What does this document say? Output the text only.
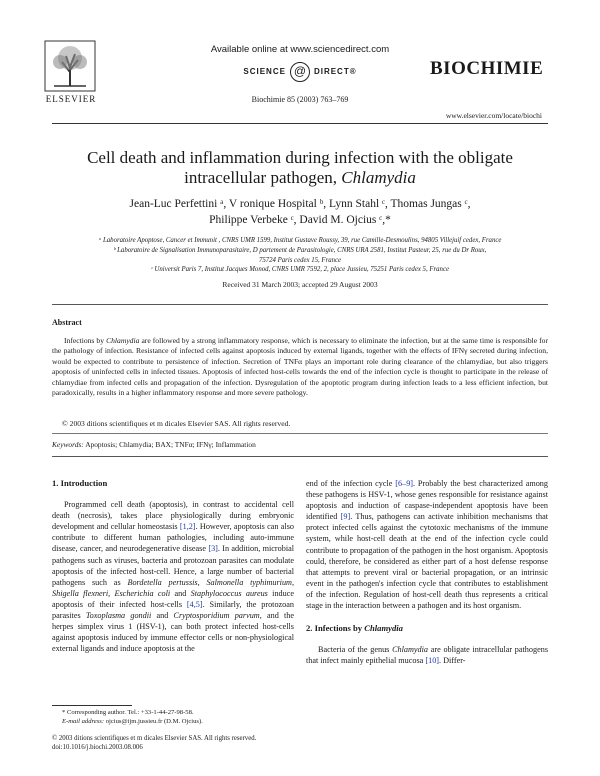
ELSEVIER
Available online at www.sciencedirect.com
SCIENCE @ DIRECT®	BIOCHIMIE
Biochimie 85 (2003) 763–769
www.elsevier.com/locate/biochi
Cell death and inflammation during infection with the obligate
intracellular pathogen, Chlamydia
Jean-Luc Perfettini ᵃ, V ronique Hospital ᵇ, Lynn Stahl ᶜ, Thomas Jungas ᶜ,
Philippe Verbeke ᶜ, David M. Ojcius ᶜ,*
ᵃ Laboratoire Apoptose, Cancer et Immunit , CNRS UMR 1599, Institut Gustave Roussy, 39, rue Camille-Desmoulins, 94805 Villejuif cedex, France
ᵇ Laboratoire de Signalisation Immunoparasitaire, D partement de Parasitologie, CNRS URA 2581, Institut Pasteur, 25, rue du Dr Roux,
75724 Paris cedex 15, France
ᶜ Universit Paris 7, Institut Jacques Monod, CNRS UMR 7592, 2, place Jussieu, 75251 Paris cedex 5, France
Received 31 March 2003; accepted 29 August 2003
Abstract
Infections by Chlamydia are followed by a strong inflammatory response, which is necessary to eliminate the infection, but at the same time is responsible for the pathology of infection. Resistance of infected cells against apoptosis induced by external ligands, together with the effects of IFNγ secreted during infection, would be expected to contribute to persistence of infection. Secretion of TNFα plays an important role during clearance of the chlamydiae, but also triggers apoptosis of uninfected cells in infected tissues. Apoptosis of infected host-cells towards the end of the infection cycle is thought to participate in the release of chlamydiae from infected cells and propagation of the infection. Dysregulation of the apoptotic program during infection leads to a less efficient infection, but paradoxically, results in a higher inflammatory response and more severe pathology.
© 2003 ditions scientifiques et m dicales Elsevier SAS. All rights reserved.
Keywords: Apoptosis; Chlamydia; BAX; TNFα; IFNγ; Inflammation
1. Introduction

Programmed cell death (apoptosis), in contrast to accidental cell death (necrosis), takes place physiologically during embryonic development and cellular homeostasis [1,2]. However, apoptosis can also contribute to different human pathologies, including auto-immune disease, cancer, and neurodegenerative disease [3]. In addition, microbial pathogens such as viruses, bacteria and protozoan parasites can modulate apoptosis of the infected host-cell. Hence, a large number of bacterial pathogens such as Bordetella pertussis, Salmonella typhimurium, Shigella flexneri, Escherichia coli and Staphylococcus aureus induce apoptosis of their infected host-cells [4,5]. Similarly, the protozoan parasites Toxoplasma gondii and Cryptosporidium parvum, and the herpes simplex virus 1 (HSV-1), can both protect infected host-cells against apoptosis induced by immune effector cells or non-physiological external ligands and induce apoptosis at the

end of the infection cycle [6–9]. Probably the best characterized among these pathogens is HSV-1, whose genes responsible for resistance against apoptosis and induction of caspase-independent apoptosis have been identified [9]. Thus, pathogens can activate inhibition mechanisms that protect infected cells against the cytotoxic mechanisms of the immune system, while host-cell death at the end of the infection cycle could contribute to propagation of the pathogen in the host organism. Apoptosis could, therefore, be considered as either part of a host defense response that attempts to prevent viral or bacterial propagation, or an intrinsic event in the pathogen's infection cycle that contributes to establishment of the infection. Regulation of host-cell death thus represents a critical stage in the interaction between a pathogen and its host organism.

2. Infections by Chlamydia

Bacteria of the genus Chlamydia are obligate intracellular pathogens that infect mainly epithelial mucosa [10]. Differ-

* Corresponding author. Tel.: +33-1-44-27-98-58.
E-mail address: ojcius@ijm.jussieu.fr (D.M. Ojcius).
© 2003 ditions scientifiques et m dicales Elsevier SAS. All rights reserved.
doi:10.1016/j.biochi.2003.08.006
